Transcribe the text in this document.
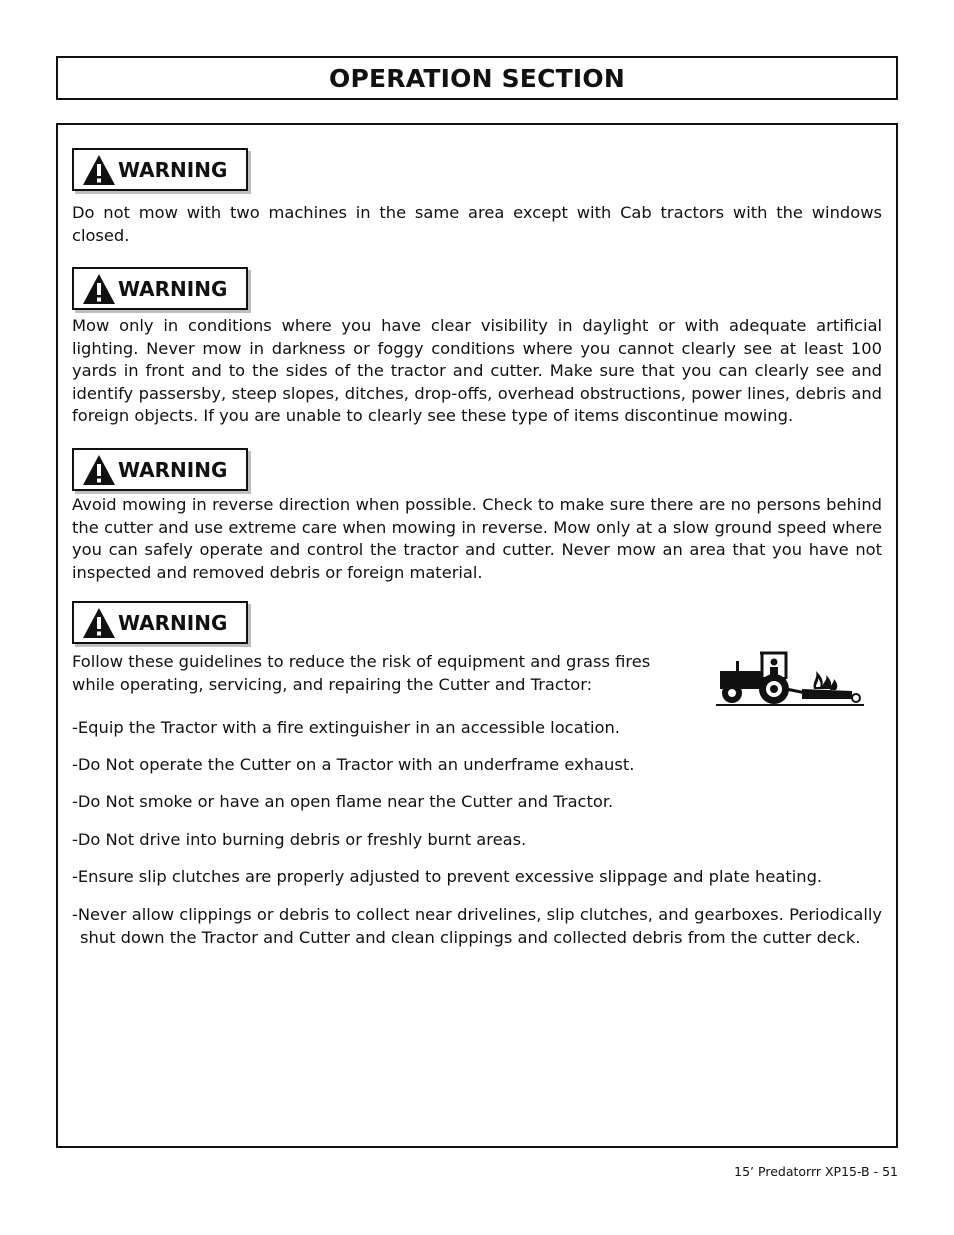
OPERATION SECTION
WARNING

Do not mow with two machines in the same area except with Cab tractors with the windows closed.

WARNING

Mow only in conditions where you have clear visibility in daylight or with adequate artificial lighting. Never mow in darkness or foggy conditions where you cannot clearly see at least 100 yards in front and to the sides of the tractor and cutter. Make sure that you can clearly see and identify passersby, steep slopes, ditches, drop-offs, overhead obstructions, power lines, debris and foreign objects. If you are unable to clearly see these type of items discontinue mowing.

WARNING

Avoid mowing in reverse direction when possible. Check to make sure there are no persons behind the cutter and use extreme care when mowing in reverse. Mow only at a slow ground speed where you can safely operate and control the tractor and cutter. Never mow an area that you have not inspected and removed debris or foreign material.

WARNING

Follow these guidelines to reduce the risk of equipment and grass fires while operating, servicing, and repairing the Cutter and Tractor:

-Equip the Tractor with a fire extinguisher in an accessible location.

-Do Not operate the Cutter on a Tractor with an underframe exhaust.

-Do Not smoke or have an open flame near the Cutter and Tractor.

-Do Not drive into burning debris or freshly burnt areas.

-Ensure slip clutches are properly adjusted to prevent excessive slippage and plate heating.

-Never allow clippings or debris to collect near drivelines, slip clutches, and gearboxes. Periodically shut down the Tractor and Cutter and clean clippings and collected debris from the cutter deck.

15’ Predatorrr XP15-B - 51
